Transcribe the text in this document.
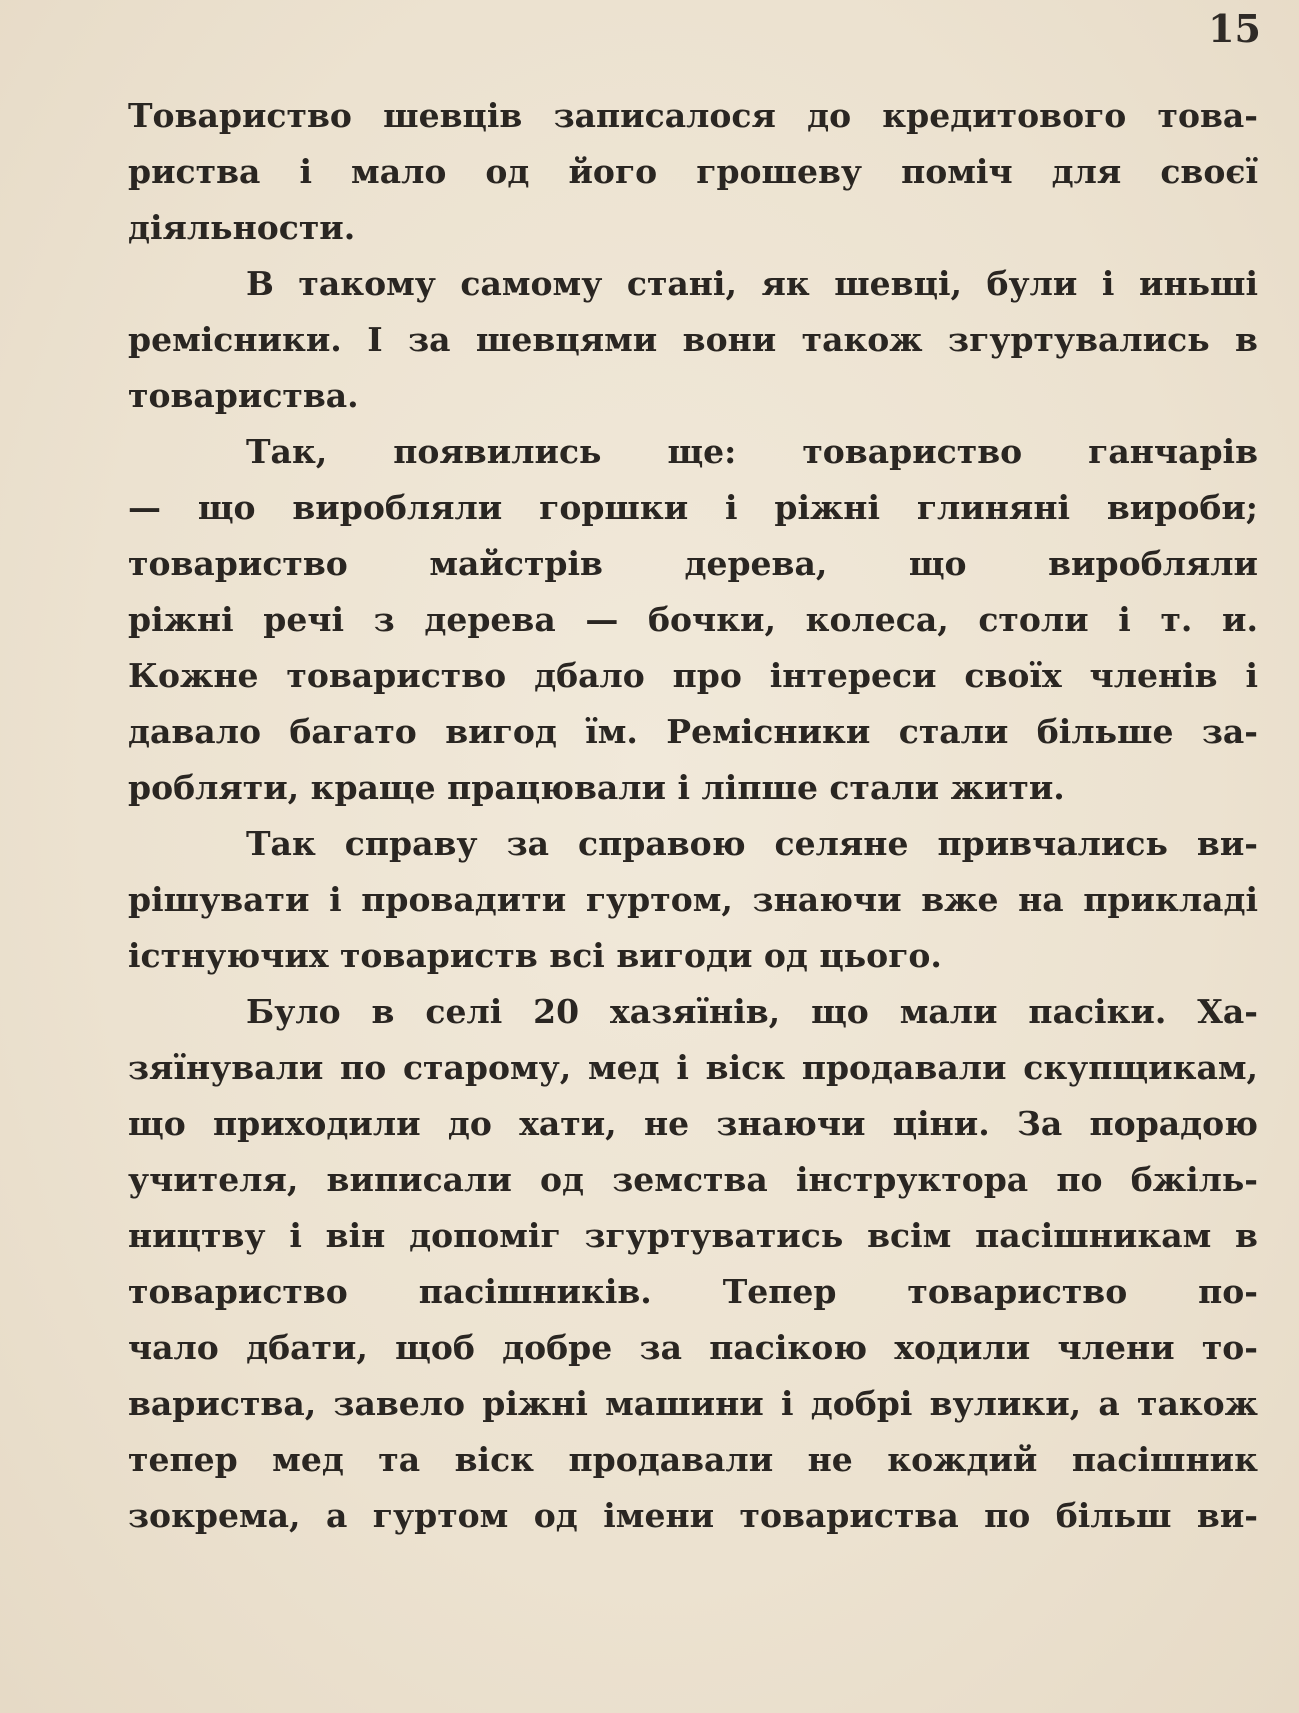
15
Товариство шевців записалося до кредитового това-
риства і мало од його грошеву поміч для своєї
діяльности.
В такому самому стані, як шевці, були і иньші
ремісники. І за шевцями вони також згуртувались в
товариства.
Так, появились ще: товариство ганчарів
— що виробляли горшки і ріжні глиняні вироби;
товариство майстрів дерева, що виробляли
ріжні речі з дерева — бочки, колеса, столи і т. и.
Кожне товариство дбало про інтереси своїх членів і
давало багато вигод їм. Ремісники стали більше за-
робляти, краще працювали і ліпше стали жити.
Так справу за справою селяне привчались ви-
рішувати і провадити гуртом, знаючи вже на прикладі
істнуючих товариств всі вигоди од цього.
Було в селі 20 хазяїнів, що мали пасіки. Ха-
зяїнували по старому, мед і віск продавали скупщикам,
що приходили до хати, не знаючи ціни. За порадою
учителя, виписали од земства інструктора по бжіль-
ництву і він допоміг згуртуватись всім пасішникам в
товариство пасішників. Тепер товариство по-
чало дбати, щоб добре за пасікою ходили члени то-
вариства, завело ріжні машини і добрі вулики, а також
тепер мед та віск продавали не кождий пасішник
зокрема, а гуртом од імени товариства по більш ви-
